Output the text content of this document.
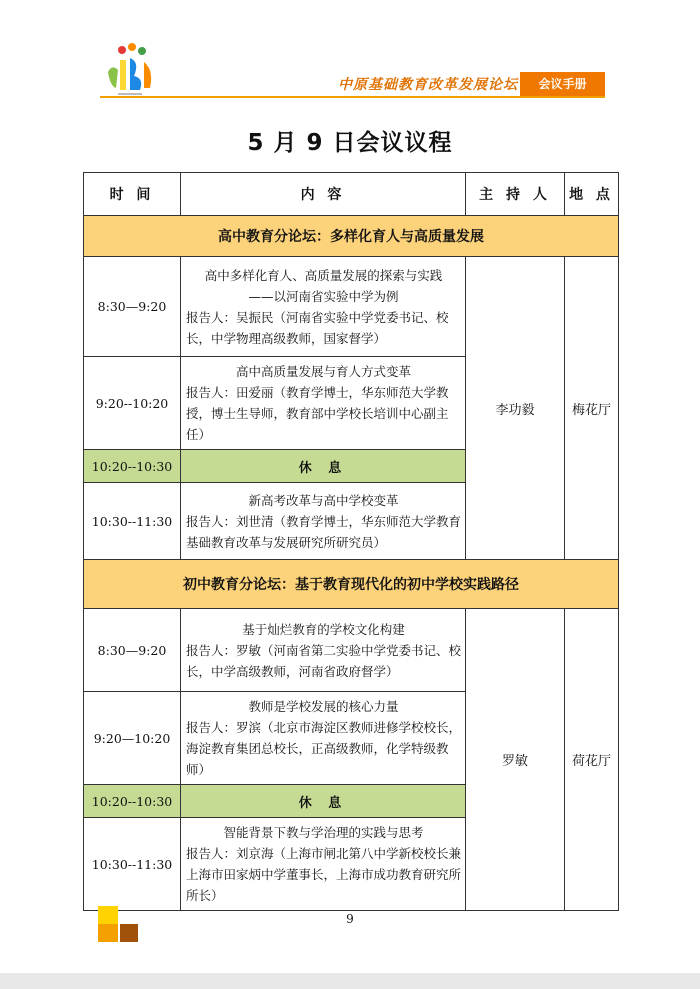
中原基础教育改革发展论坛	会议手册
5 月 9 日会议议程
时 间	内 容	主 持 人	地 点
高中教育分论坛：多样化育人与高质量发展			
8:30—9:20	高中多样化育人、高质量发展的探索与实践
——以河南省实验中学为例
报告人：吴振民（河南省实验中学党委书记、校长，中学物理高级教师，国家督学）	李功毅	梅花厅
9:20--10:20	高中高质量发展与育人方式变革
报告人：田爱丽（教育学博士，华东师范大学教授，博士生导师，教育部中学校长培训中心副主任）		

10:20--10:30	休 息		
10:30--11:30	新高考改革与高中学校变革
报告人：刘世清（教育学博士，华东师范大学教育基础教育改革与发展研究所研究员）		

初中教育分论坛：基于教育现代化的初中学校实践路径			
8:30—9:20	基于灿烂教育的学校文化构建
报告人：罗敏（河南省第二实验中学党委书记、校长，中学高级教师，河南省政府督学）	罗敏	荷花厅
9:20—10:20	教师是学校发展的核心力量
报告人：罗滨（北京市海淀区教师进修学校校长，海淀教育集团总校长，正高级教师，化学特级教师）		

10:20--10:30	休 息		
10:30--11:30	智能背景下教与学治理的实践与思考
报告人：刘京海（上海市闸北第八中学新校校长兼上海市田家炳中学董事长，上海市成功教育研究所所长）		
9
